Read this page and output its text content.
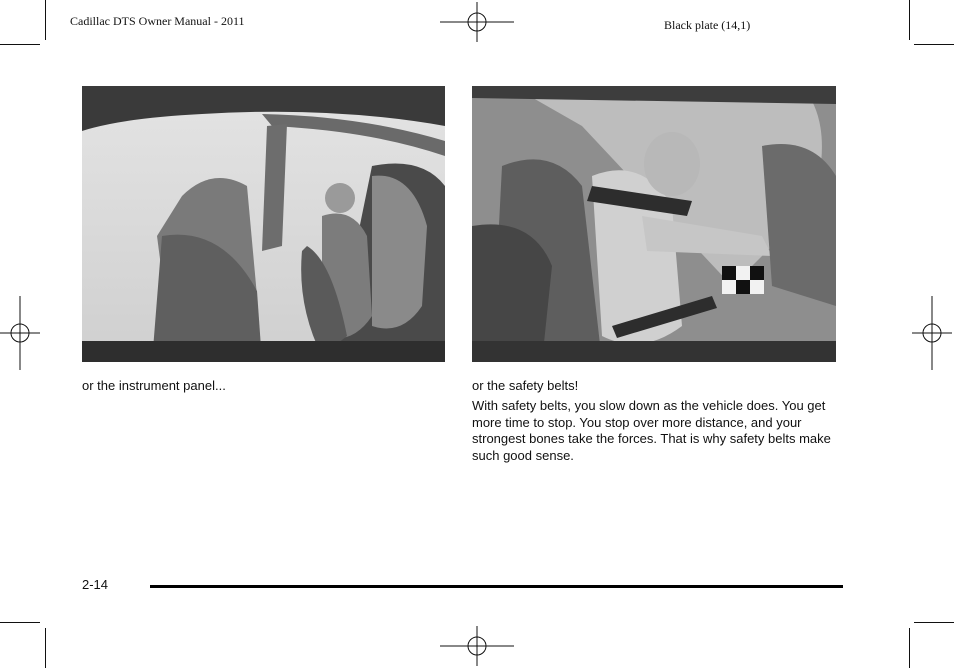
Cadillac DTS Owner Manual - 2011	Black plate (14,1)
or the instrument panel...	or the safety belts!
With safety belts, you slow down as the vehicle does. You get more time to stop. You stop over more distance, and your strongest bones take the forces. That is why safety belts make such good sense.
2-14
